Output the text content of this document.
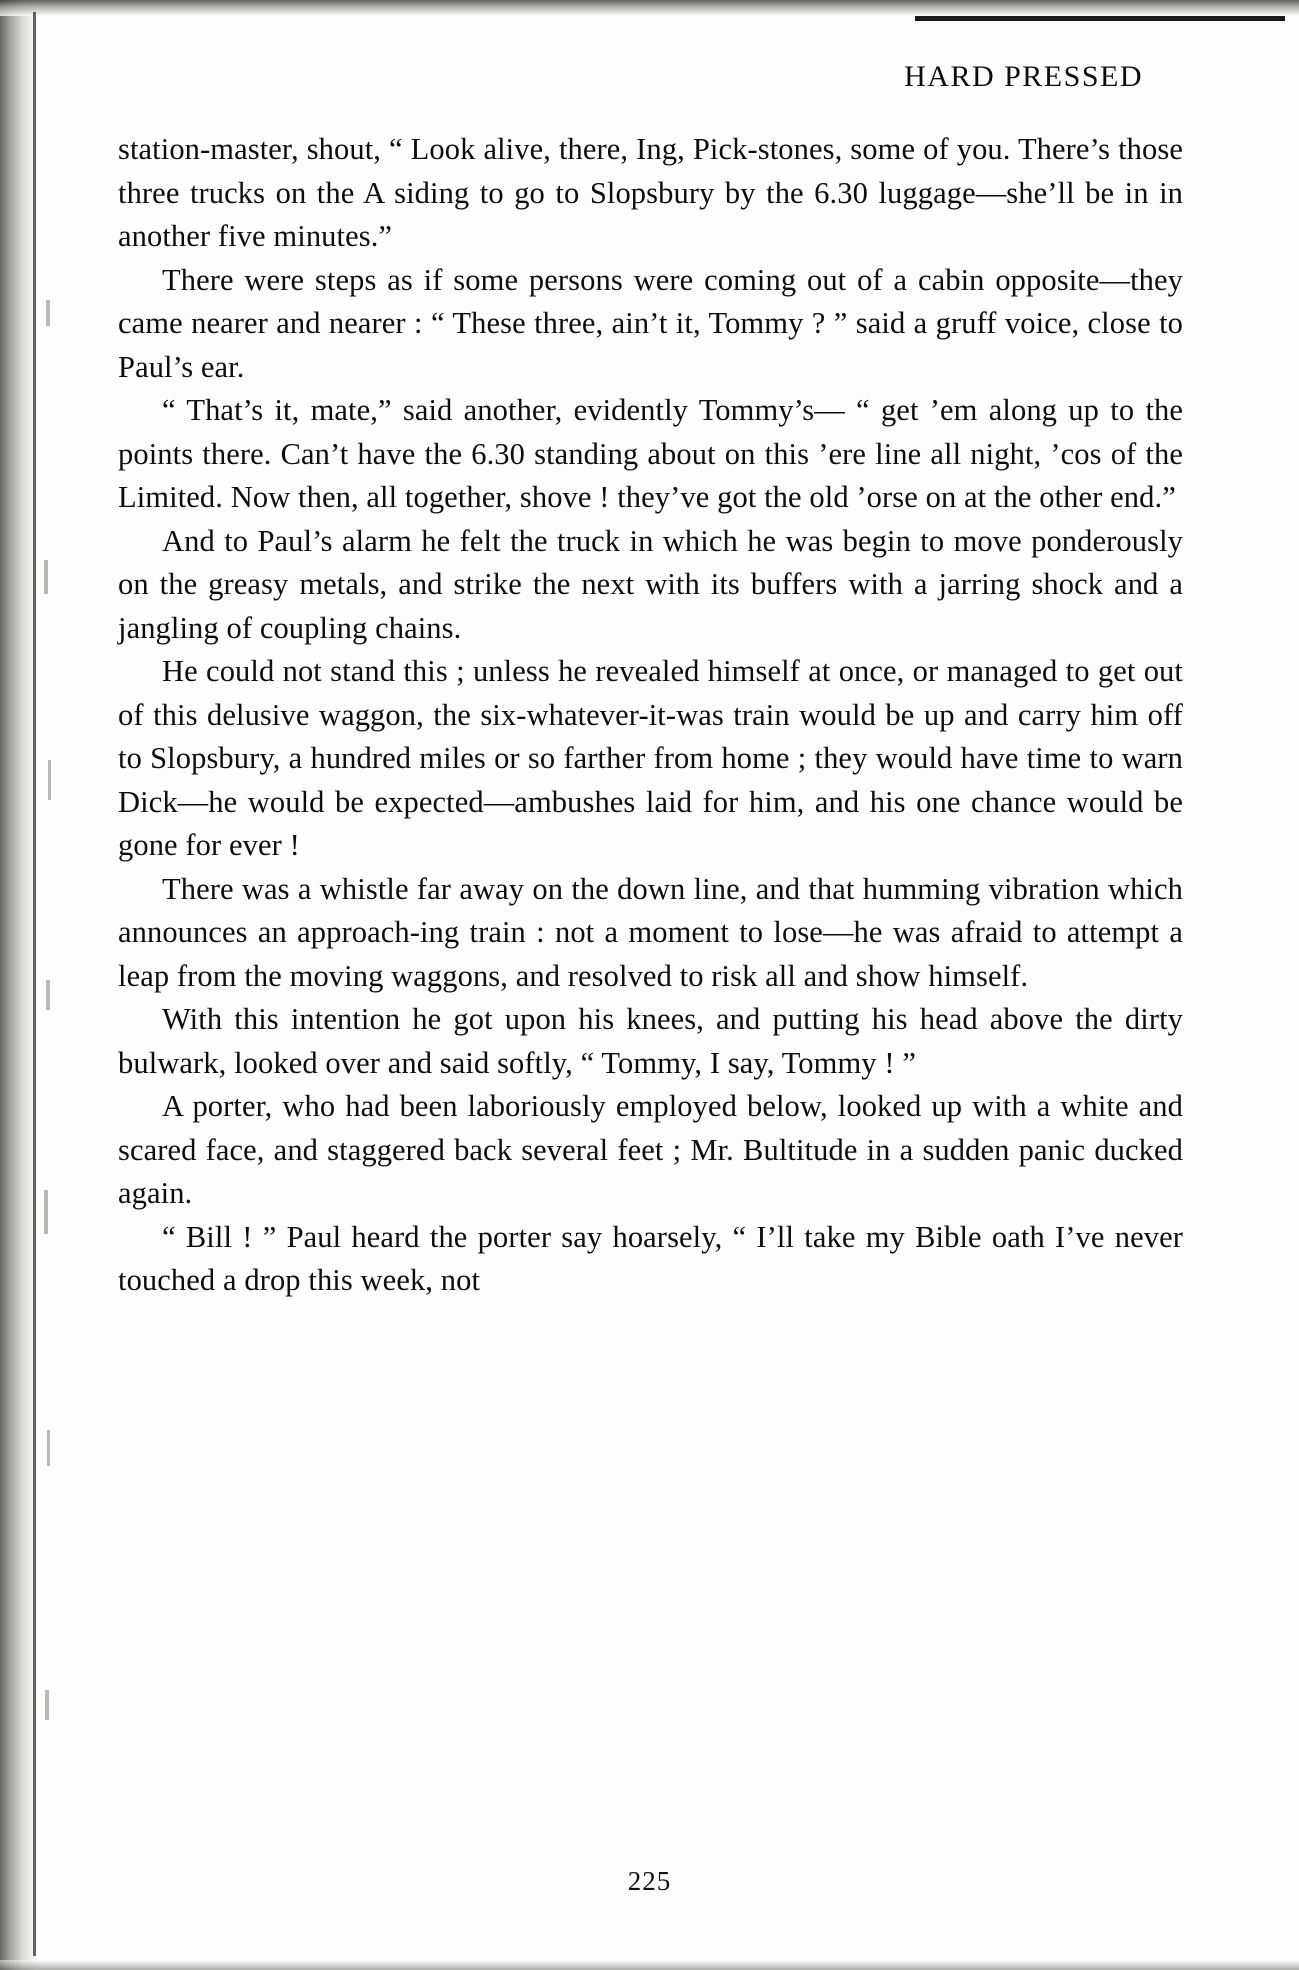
HARD PRESSED

station-master, shout, “ Look alive, there, Ing, Pick-stones, some of you. There’s those three trucks on the A siding to go to Slopsbury by the 6.30 luggage—she’ll be in in another five minutes.”

There were steps as if some persons were coming out of a cabin opposite—they came nearer and nearer : “ These three, ain’t it, Tommy ? ” said a gruff voice, close to Paul’s ear.

“ That’s it, mate,” said another, evidently Tommy’s— “ get ’em along up to the points there. Can’t have the 6.30 standing about on this ’ere line all night, ’cos of the Limited. Now then, all together, shove ! they’ve got the old ’orse on at the other end.”

And to Paul’s alarm he felt the truck in which he was begin to move ponderously on the greasy metals, and strike the next with its buffers with a jarring shock and a jangling of coupling chains.

He could not stand this ; unless he revealed himself at once, or managed to get out of this delusive waggon, the six-whatever-it-was train would be up and carry him off to Slopsbury, a hundred miles or so farther from home ; they would have time to warn Dick—he would be expected—ambushes laid for him, and his one chance would be gone for ever !

There was a whistle far away on the down line, and that humming vibration which announces an approach-ing train : not a moment to lose—he was afraid to attempt a leap from the moving waggons, and resolved to risk all and show himself.

With this intention he got upon his knees, and putting his head above the dirty bulwark, looked over and said softly, “ Tommy, I say, Tommy ! ”

A porter, who had been laboriously employed below, looked up with a white and scared face, and staggered back several feet ; Mr. Bultitude in a sudden panic ducked again.

“ Bill ! ” Paul heard the porter say hoarsely, “ I’ll take my Bible oath I’ve never touched a drop this week, not

225
